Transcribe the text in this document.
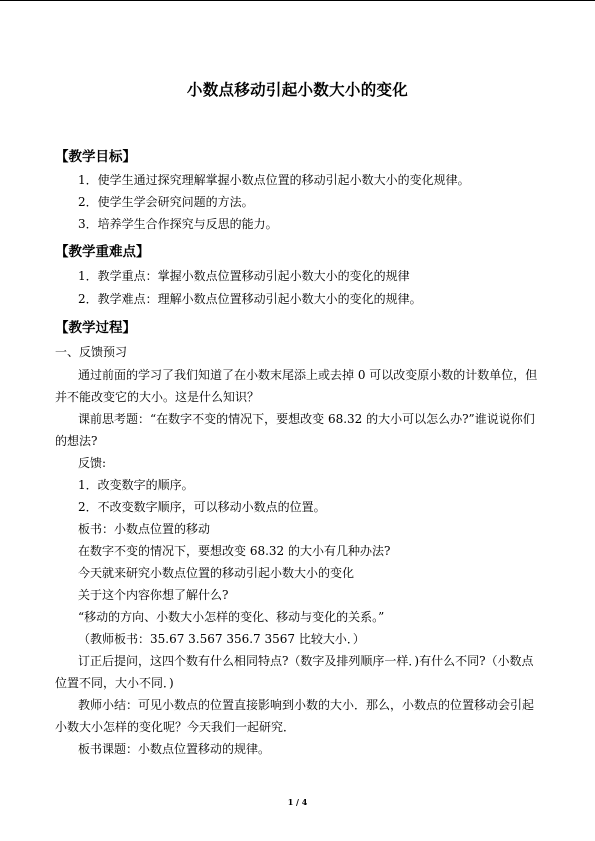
小数点移动引起小数大小的变化
【教学目标】
1．使学生通过探究理解掌握小数点位置的移动引起小数大小的变化规律。
2．使学生学会研究问题的方法。
3．培养学生合作探究与反思的能力。
【教学重难点】
1．教学重点：掌握小数点位置移动引起小数大小的变化的规律
2．教学难点：理解小数点位置移动引起小数大小的变化的规律。
【教学过程】
一、反馈预习
通过前面的学习了我们知道了在小数末尾添上或去掉 0 可以改变原小数的计数单位，但
并不能改变它的大小。这是什么知识？
课前思考题：“在数字不变的情况下，要想改变 68.32 的大小可以怎么办?”谁说说你们
的想法?
反馈:
1．改变数字的顺序。
2．不改变数字顺序，可以移动小数点的位置。
板书：小数点位置的移动
在数字不变的情况下，要想改变 68.32 的大小有几种办法?
今天就来研究小数点位置的移动引起小数大小的变化
关于这个内容你想了解什么?
“移动的方向、小数大小怎样的变化、移动与变化的关系。”
（教师板书：35.67 3.567 356.7 3567 比较大小．）
订正后提问，这四个数有什么相同特点?（数字及排列顺序一样．)有什么不同?（小数点
位置不同，大小不同．)
教师小结：可见小数点的位置直接影响到小数的大小．那么，小数点的位置移动会引起
小数大小怎样的变化呢？今天我们一起研究．
板书课题：小数点位置移动的规律。
1 / 4
